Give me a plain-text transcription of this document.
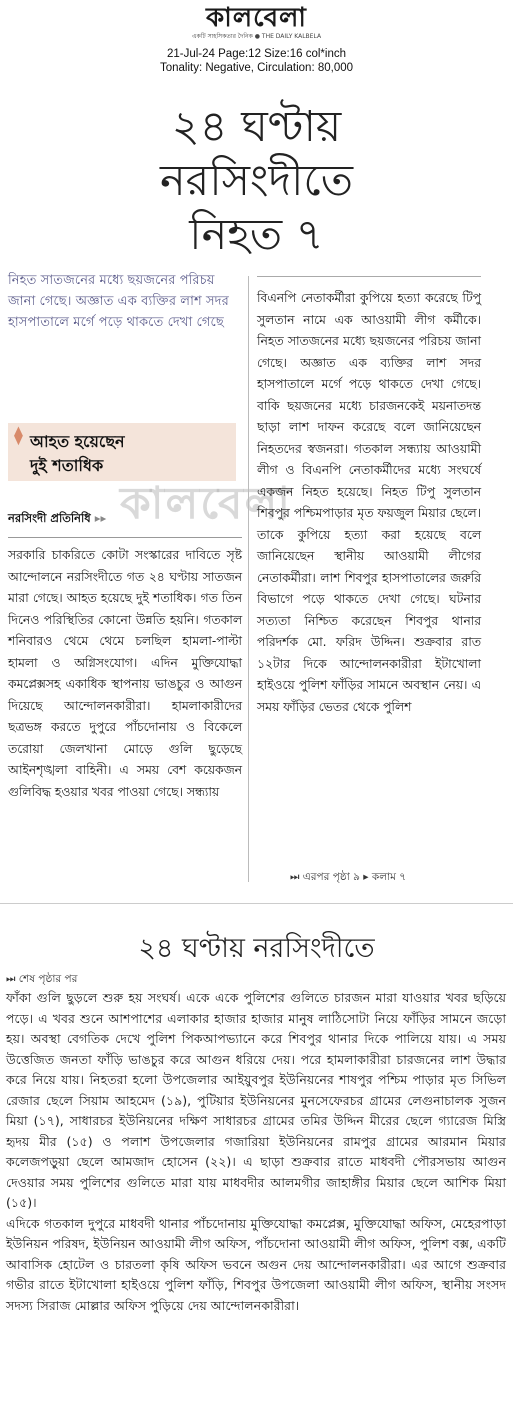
কালবেলা
একটি সাহসিকতার দৈনিক ● THE DAILY KALBELA
21-Jul-24 Page:12 Size:16 col*inch
Tonality: Negative, Circulation: 80,000
২৪ ঘণ্টায়
নরসিংদীতে
নিহত ৭
নিহত সাতজনের মধ্যে ছয়জনের পরিচয় জানা গেছে। অজ্ঞাত এক ব্যক্তির লাশ সদর হাসপাতালে মর্গে পড়ে থাকতে দেখা গেছে
⧫ আহত হয়েছেন
দুই শতাধিক
কালবেলা
নরসিংদী প্রতিনিধি ▸▸
সরকারি চাকরিতে কোটা সংস্কারের দাবিতে সৃষ্ট আন্দোলনে নরসিংদীতে গত ২৪ ঘণ্টায় সাতজন মারা গেছে। আহত হয়েছে দুই শতাধিক। গত তিন দিনেও পরিস্থিতির কোনো উন্নতি হয়নি। গতকাল শনিবারও থেমে থেমে চলছিল হামলা-পাল্টা হামলা ও অগ্নিসংযোগ। এদিন মুক্তিযোদ্ধা কমপ্লেক্সসহ একাধিক স্থাপনায় ভাঙচুর ও আগুন দিয়েছে আন্দোলনকারীরা। হামলাকারীদের ছত্রভঙ্গ করতে দুপুরে পাঁচদোনায় ও বিকেলে তরোয়া জেলখানা মোড়ে গুলি ছুড়েছে আইনশৃঙ্খলা বাহিনী। এ সময় বেশ কয়েকজন গুলিবিদ্ধ হওয়ার খবর পাওয়া গেছে। সন্ধ্যায়
বিএনপি নেতাকর্মীরা কুপিয়ে হত্যা করেছে টিপু সুলতান নামে এক আওয়ামী লীগ কর্মীকে। নিহত সাতজনের মধ্যে ছয়জনের পরিচয় জানা গেছে। অজ্ঞাত এক ব্যক্তির লাশ সদর হাসপাতালে মর্গে পড়ে থাকতে দেখা গেছে। বাকি ছয়জনের মধ্যে চারজনকেই ময়নাতদন্ত ছাড়া লাশ দাফন করেছে বলে জানিয়েছেন নিহতদের স্বজনরা। গতকাল সন্ধ্যায় আওয়ামী লীগ ও বিএনপি নেতাকর্মীদের মধ্যে সংঘর্ষে একজন নিহত হয়েছে। নিহত টিপু সুলতান শিবপুর পশ্চিমপাড়ার মৃত ফয়জুল মিয়ার ছেলে। তাকে কুপিয়ে হত্যা করা হয়েছে বলে জানিয়েছেন স্থানীয় আওয়ামী লীগের নেতাকর্মীরা। লাশ শিবপুর হাসপাতালের জরুরি বিভাগে পড়ে থাকতে দেখা গেছে। ঘটনার সত্যতা নিশ্চিত করেছেন শিবপুর থানার পরিদর্শক মো. ফরিদ উদ্দিন। শুক্রবার রাত ১২টার দিকে আন্দোলনকারীরা ইটাখোলা হাইওয়ে পুলিশ ফাঁড়ির সামনে অবস্থান নেয়। এ সময় ফাঁড়ির ভেতর থেকে পুলিশ
⏭ এরপর পৃষ্ঠা ৯ ▸ কলাম ৭
২৪ ঘণ্টায় নরসিংদীতে
⏭ শেষ পৃষ্ঠার পর

ফাঁকা গুলি ছুড়লে শুরু হয় সংঘর্ষ। একে একে পুলিশের গুলিতে চারজন মারা যাওয়ার খবর ছড়িয়ে পড়ে। এ খবর শুনে আশপাশের এলাকার হাজার হাজার মানুষ লাঠিসোটা নিয়ে ফাঁড়ির সামনে জড়ো হয়। অবস্থা বেগতিক দেখে পুলিশ পিকআপভ্যানে করে শিবপুর থানার দিকে পালিয়ে যায়। এ সময় উত্তেজিত জনতা ফাঁড়ি ভাঙচুর করে আগুন ধরিয়ে দেয়। পরে হামলাকারীরা চারজনের লাশ উদ্ধার করে নিয়ে যায়। নিহতরা হলো উপজেলার আইয়ুবপুর ইউনিয়নের শাষপুর পশ্চিম পাড়ার মৃত সিভিল রেজার ছেলে সিয়াম আহমেদ (১৯), পুটিয়ার ইউনিয়নের মুনসেফেরচর গ্রামের লেগুনাচালক সুজন মিয়া (১৭), সাধারচর ইউনিয়নের দক্ষিণ সাধারচর গ্রামের তমির উদ্দিন মীরের ছেলে গ্যারেজ মিস্ত্রি হৃদয় মীর (১৫) ও পলাশ উপজেলার গজারিয়া ইউনিয়নের রামপুর গ্রামের আরমান মিয়ার কলেজপড়ুয়া ছেলে আমজাদ হোসেন (২২)। এ ছাড়া শুক্রবার রাতে মাধবদী পৌরসভায় আগুন দেওয়ার সময় পুলিশের গুলিতে মারা যায় মাধবদীর আলমগীর জাহাঙ্গীর মিয়ার ছেলে আশিক মিয়া (১৫)।

এদিকে গতকাল দুপুরে মাধবদী থানার পাঁচদোনায় মুক্তিযোদ্ধা কমপ্লেক্স, মুক্তিযোদ্ধা অফিস, মেহেরপাড়া ইউনিয়ন পরিষদ, ইউনিয়ন আওয়ামী লীগ অফিস, পাঁচদোনা আওয়ামী লীগ অফিস, পুলিশ বক্স, একটি আবাসিক হোটেল ও চারতলা কৃষি অফিস ভবনে অগুন দেয় আন্দোলনকারীরা। এর আগে শুক্রবার গভীর রাতে ইটাখোলা হাইওয়ে পুলিশ ফাঁড়ি, শিবপুর উপজেলা আওয়ামী লীগ অফিস, স্থানীয় সংসদ সদস্য সিরাজ মোল্লার অফিস পুড়িয়ে দেয় আন্দোলনকারীরা।
